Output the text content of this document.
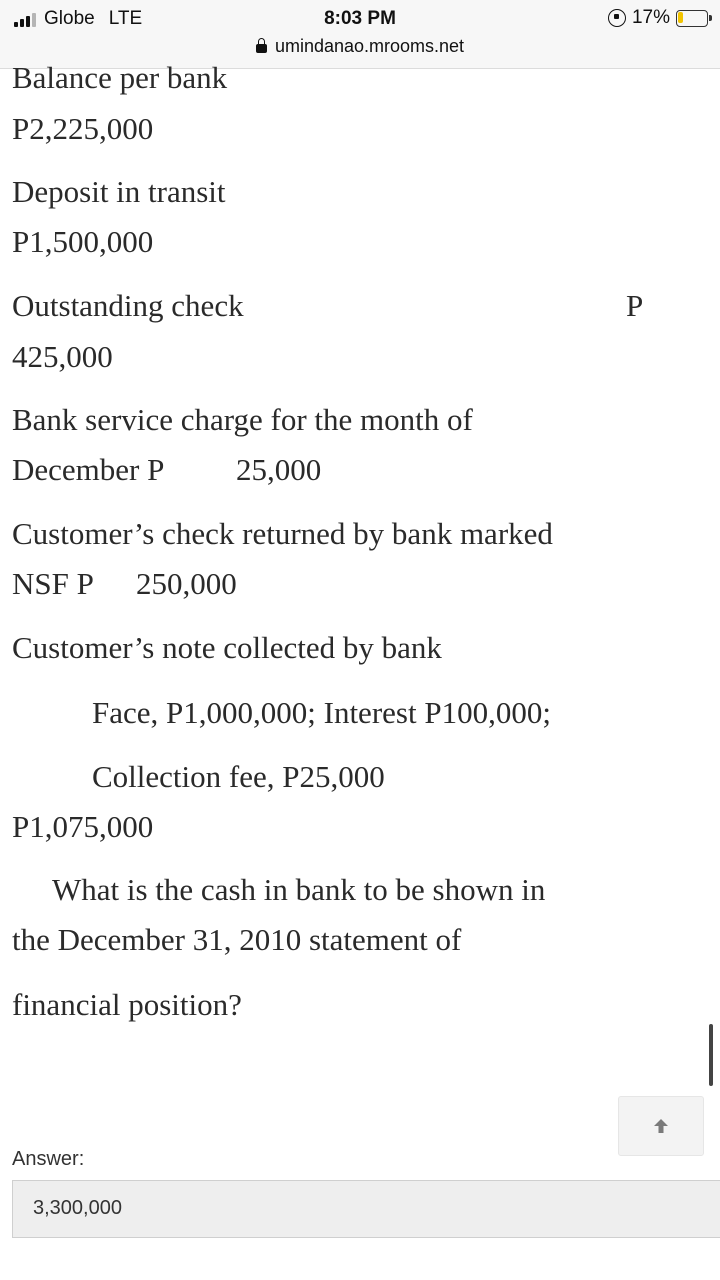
Globe LTE	8:03 PM	17%
umindanao.mrooms.net
Balance per bank
P2,225,000
Deposit in transit
P1,500,000
Outstanding check	P
425,000
Bank service charge for the month of
December P 25,000
Customer’s check returned by bank marked
NSF P 250,000
Customer’s note collected by bank
Face, P1,000,000; Interest P100,000;
Collection fee, P25,000
P1,075,000
What is the cash in bank to be shown in
the December 31, 2010 statement of
financial position?
Answer:
3,300,000
